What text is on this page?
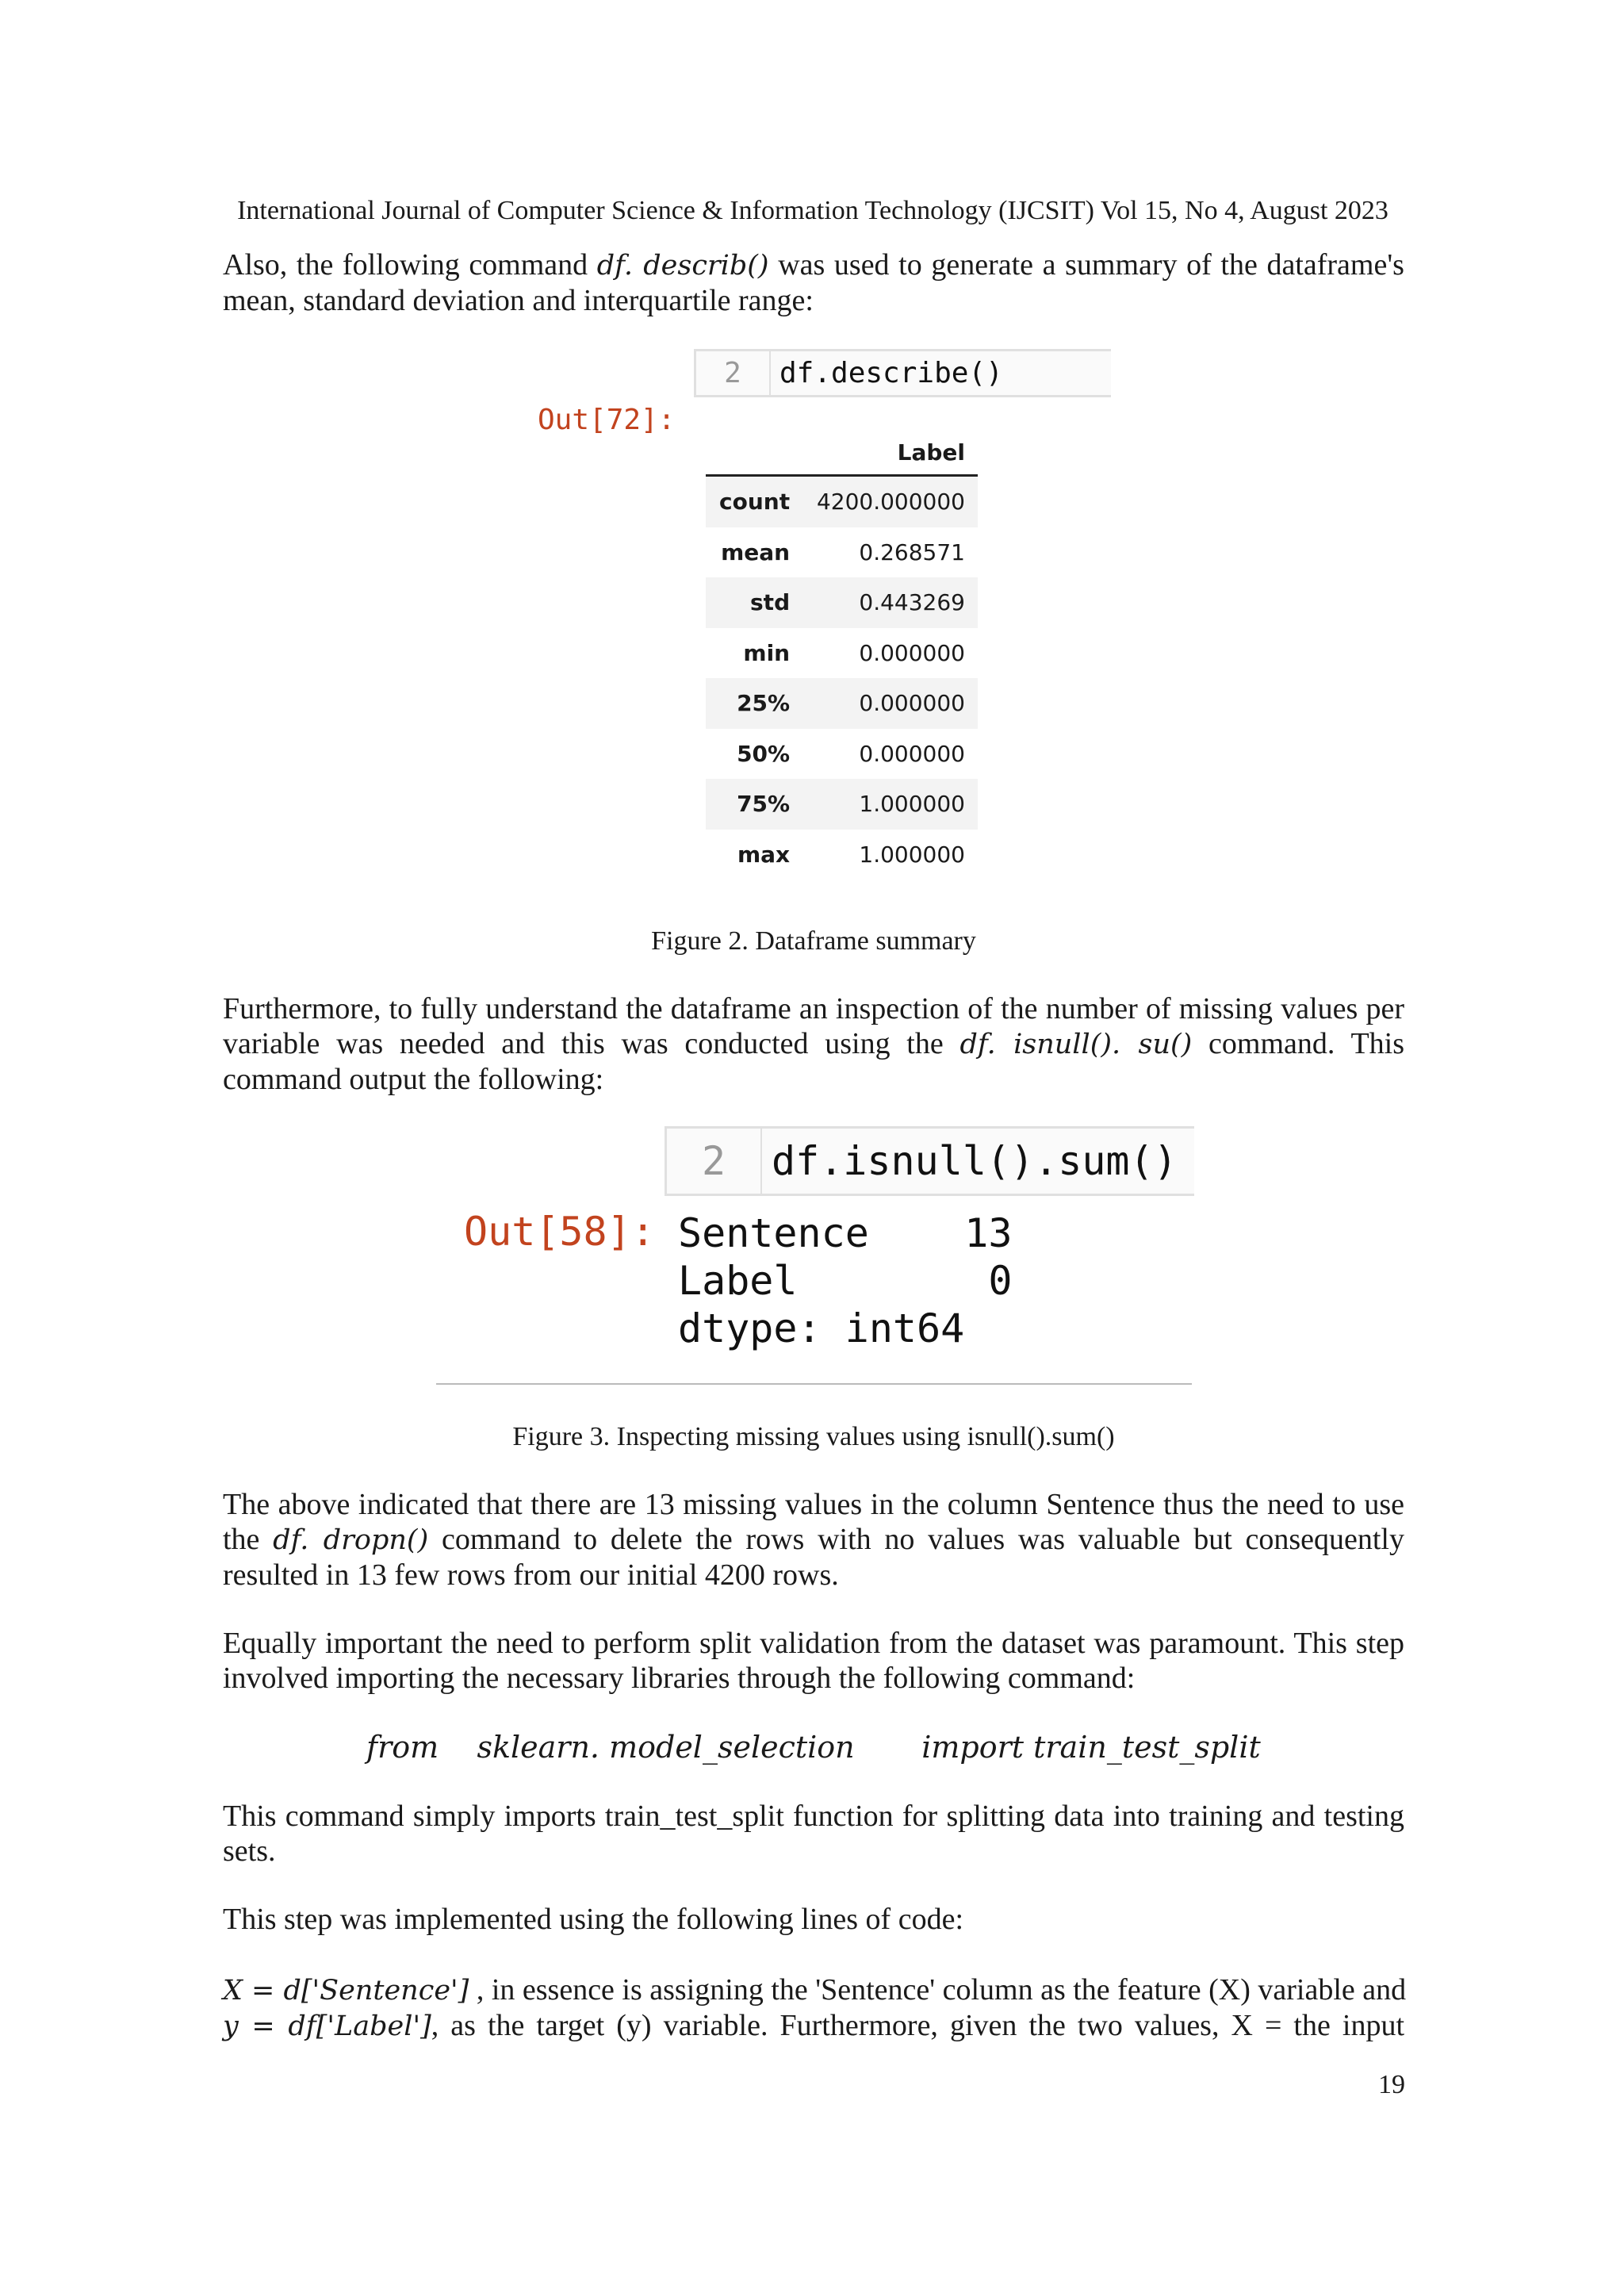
International Journal of Computer Science & Information Technology (IJCSIT) Vol 15, No 4, August 2023
Also, the following command df. describ() was used to generate a summary of the dataframe's
mean, standard deviation and interquartile range:
2	df.describe()
Out[72]:
	Label
count	4200.000000
mean	0.268571
std	0.443269
min	0.000000
25%	0.000000
50%	0.000000
75%	1.000000
max	1.000000
Figure 2. Dataframe summary
Furthermore, to fully understand the dataframe an inspection of the number of missing values per
variable was needed and this was conducted using the df. isnull(). su() command. This
command output the following:
2	df.isnull().sum()
Out[58]: Sentence    13
Label        0
dtype: int64
Figure 3. Inspecting missing values using isnull().sum()
The above indicated that there are 13 missing values in the column Sentence thus the need to use
the df. dropn() command to delete the rows with no values was valuable but consequently
resulted in 13 few rows from our initial 4200 rows.
Equally important the need to perform split validation from the dataset was paramount. This step
involved importing the necessary libraries through the following command:
from    sklearn. model_selection       import train_test_split
This command simply imports train_test_split function for splitting data into training and testing
sets.
This step was implemented using the following lines of code:
X = d['Sentence'] , in essence is assigning the 'Sentence' column as the feature (X) variable and
y = df['Label'], as the target (y) variable. Furthermore, given the two values, X = the input
19
